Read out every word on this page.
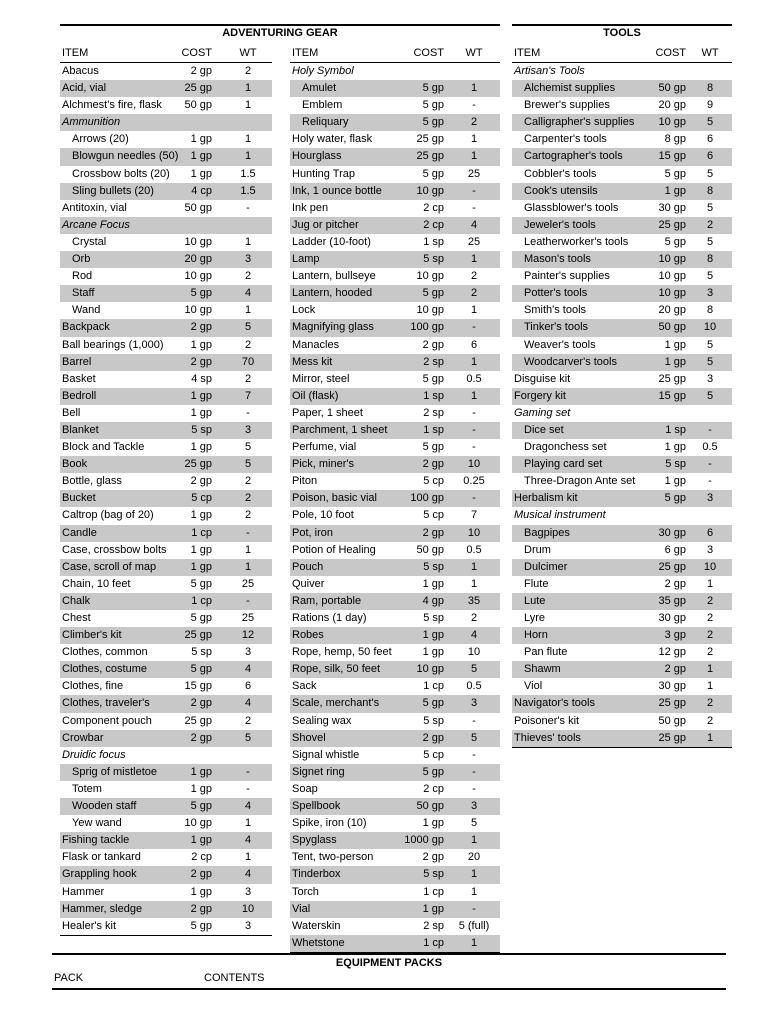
ADVENTURING GEAR	TOOLS
ITEM	COST WT
Abacus	2 gp	2
Acid, vial	25 gp	1
Alchmest's fire, flask 50 gp	1
Ammunition
Arrows (20)	1 gp	1
Blowgun needles (50) 1 gp	1
Crossbow bolts (20) 1 gp	1.5
Sling bullets (20)	4 cp	1.5
Antitoxin, vial	50 gp	-
Arcane Focus
Crystal	10 gp	1
Orb	20 gp	3
Rod	10 gp	2
Staff	5 gp	4
Wand	10 gp	1
Backpack	2 gp	5
Ball bearings (1,000) 1 gp	2
Barrel	2 gp	70
Basket	4 sp	2
Bedroll	1 gp	7
Bell	1 gp	-
Blanket	5 sp	3
Block and Tackle	1 gp	5
Book	25 gp	5
Bottle, glass	2 gp	2
Bucket	5 cp	2
Caltrop (bag of 20)	1 gp	2
Candle	1 cp	-
Case, crossbow bolts 1 gp	1
Case, scroll of map	1 gp	1
Chain, 10 feet	5 gp	25
Chalk	1 cp	-
Chest	5 gp	25
Climber's kit	25 gp	12
Clothes, common	5 sp	3
Clothes, costume	5 gp	4
Clothes, fine	15 gp	6
Clothes, traveler's	2 gp	4
Component pouch	25 gp	2
Crowbar	2 gp	5
Druidic focus
Sprig of mistletoe	1 gp	-
Totem	1 gp	-
Wooden staff	5 gp	4
Yew wand	10 gp	1
Fishing tackle	1 gp	4
Flask or tankard	2 cp	1
Grappling hook	2 gp	4
Hammer	1 gp	3
Hammer, sledge	2 gp	10
Healer's kit	5 gp	3
ITEM	COST WT
Holy Symbol
Amulet	5 gp	1
Emblem	5 gp	-
Reliquary	5 gp	2
Holy water, flask	25 gp	1
Hourglass	25 gp	1
Hunting Trap	5 gp	25
Ink, 1 ounce bottle	10 gp	-
Ink pen	2 cp	-
Jug or pitcher	2 cp	4
Ladder (10-foot)	1 sp	25
Lamp	5 sp	1
Lantern, bullseye	10 gp	2
Lantern, hooded	5 gp	2
Lock	10 gp	1
Magnifying glass	100 gp	-
Manacles	2 gp	6
Mess kit	2 sp	1
Mirror, steel	5 gp	0.5
Oil (flask)	1 sp	1
Paper, 1 sheet	2 sp	-
Parchment, 1 sheet	1 sp	-
Perfume, vial	5 gp	-
Pick, miner's	2 gp	10
Piton	5 cp	0.25
Poison, basic vial	100 gp	-
Pole, 10 foot	5 cp	7
Pot, iron	2 gp	10
Potion of Healing	50 gp	0.5
Pouch	5 sp	1
Quiver	1 gp	1
Ram, portable	4 gp	35
Rations (1 day)	5 sp	2
Robes	1 gp	4
Rope, hemp, 50 feet	1 gp	10
Rope, silk, 50 feet	10 gp	5
Sack	1 cp	0.5
Scale, merchant's	5 gp	3
Sealing wax	5 sp	-
Shovel	2 gp	5
Signal whistle	5 cp	-
Signet ring	5 gp	-
Soap	2 cp	-
Spellbook	50 gp	3
Spike, iron (10)	1 gp	5
Spyglass	1000 gp	1
Tent, two-person	2 gp	20
Tinderbox	5 sp	1
Torch	1 cp	1
Vial	1 gp	-
Waterskin	2 sp	5 (full)
Whetstone	1 cp	1
ITEM	COST WT
Artisan's Tools
Alchemist supplies	50 gp	8
Brewer's supplies	20 gp	9
Calligrapher's supplies 10 gp	5
Carpenter's tools	8 gp	6
Cartographer's tools	15 gp	6
Cobbler's tools	5 gp	5
Cook's utensils	1 gp	8
Glassblower's tools	30 gp	5
Jeweler's tools	25 gp	2
Leatherworker's tools	5 gp	5
Mason's tools	10 gp	8
Painter's supplies	10 gp	5
Potter's tools	10 gp	3
Smith's tools	20 gp	8
Tinker's tools	50 gp	10
Weaver's tools	1 gp	5
Woodcarver's tools	1 gp	5
Disguise kit	25 gp	3
Forgery kit	15 gp	5
Gaming set
Dice set	1 sp	-
Dragonchess set	1 gp	0.5
Playing card set	5 sp	-
Three-Dragon Ante set	1 gp	-
Herbalism kit	5 gp	3
Musical instrument
Bagpipes	30 gp	6
Drum	6 gp	3
Dulcimer	25 gp	10
Flute	2 gp	1
Lute	35 gp	2
Lyre	30 gp	2
Horn	3 gp	2
Pan flute	12 gp	2
Shawm	2 gp	1
Viol	30 gp	1
Navigator's tools	25 gp	2
Poisoner's kit	50 gp	2
Thieves' tools	25 gp	1
EQUIPMENT PACKS
PACK	CONTENTS
